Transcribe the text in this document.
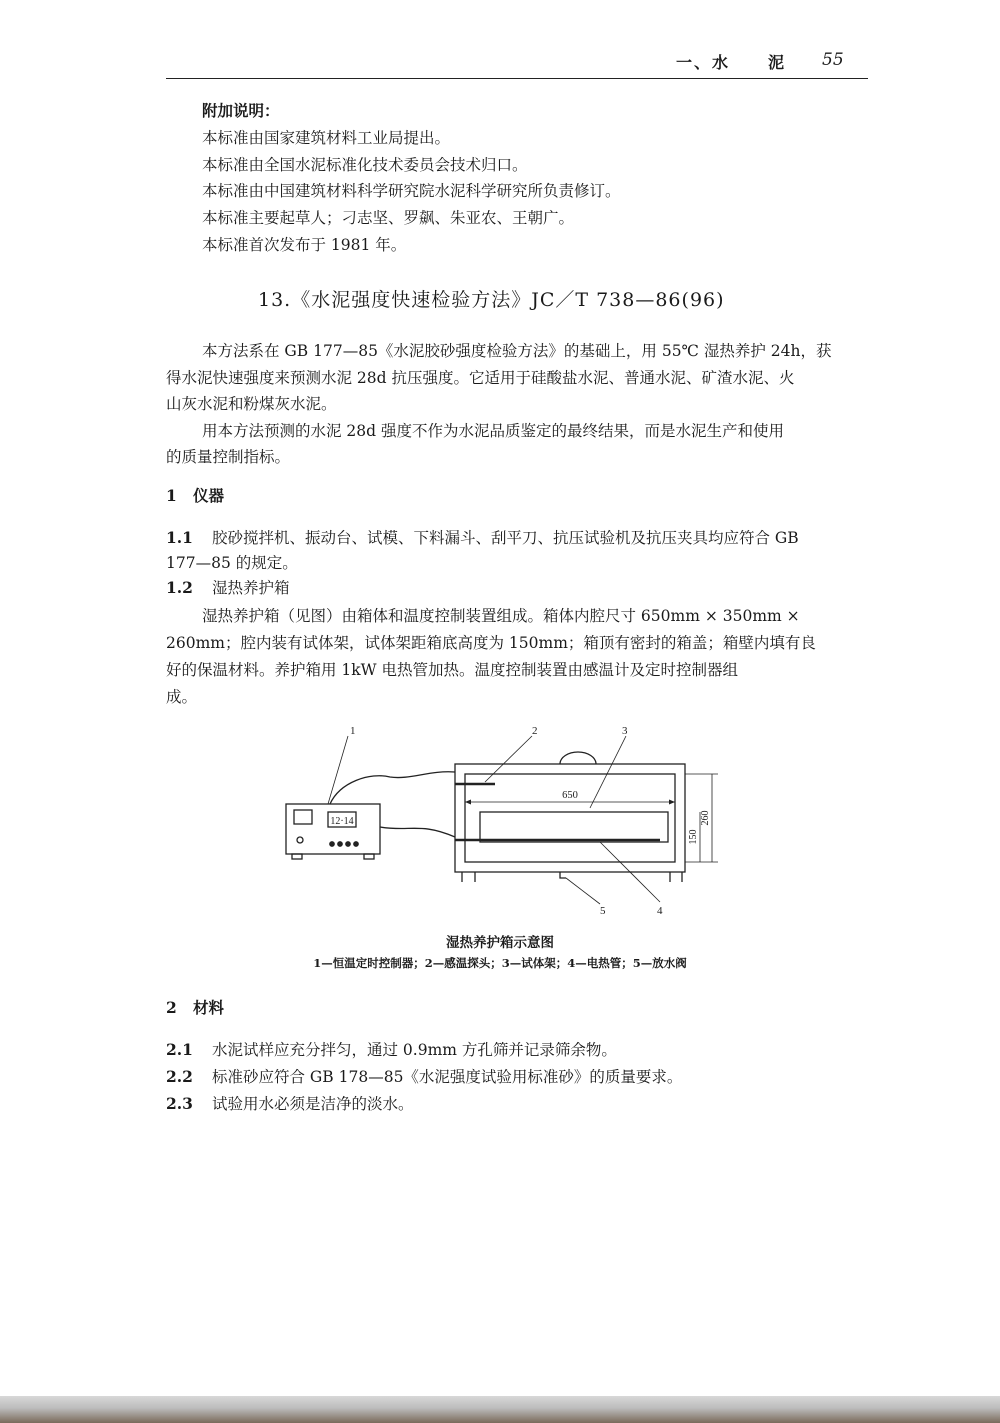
一、水 泥 55
附加说明：
本标准由国家建筑材料工业局提出。
本标准由全国水泥标准化技术委员会技术归口。
本标准由中国建筑材料科学研究院水泥科学研究所负责修订。
本标准主要起草人；刁志坚、罗飙、朱亚农、王朝广。
本标准首次发布于 1981 年。
13.《水泥强度快速检验方法》JC／T 738—86(96)
本方法系在 GB 177—85《水泥胶砂强度检验方法》的基础上，用 55℃ 湿热养护 24h，获
得水泥快速强度来预测水泥 28d 抗压强度。它适用于硅酸盐水泥、普通水泥、矿渣水泥、火
山灰水泥和粉煤灰水泥。
用本方法预测的水泥 28d 强度不作为水泥品质鉴定的最终结果，而是水泥生产和使用
的质量控制指标。
1 仪器
1.1 胶砂搅拌机、振动台、试模、下料漏斗、刮平刀、抗压试验机及抗压夹具均应符合 GB
177—85 的规定。
1.2 湿热养护箱
湿热养护箱（见图）由箱体和温度控制装置组成。箱体内腔尺寸 650mm × 350mm ×
260mm；腔内装有试体架，试体架距箱底高度为 150mm；箱顶有密封的箱盖；箱壁内填有良
好的保温材料。养护箱用 1kW 电热管加热。温度控制装置由感温计及定时控制器组
成。
12·14
650
260
150
1	2	3
4
5
湿热养护箱示意图
1—恒温定时控制器；2—感温探头；3—试体架；4—电热管；5—放水阀
2 材料
2.1 水泥试样应充分拌匀，通过 0.9mm 方孔筛并记录筛余物。
2.2 标准砂应符合 GB 178—85《水泥强度试验用标准砂》的质量要求。
2.3 试验用水必须是洁净的淡水。
